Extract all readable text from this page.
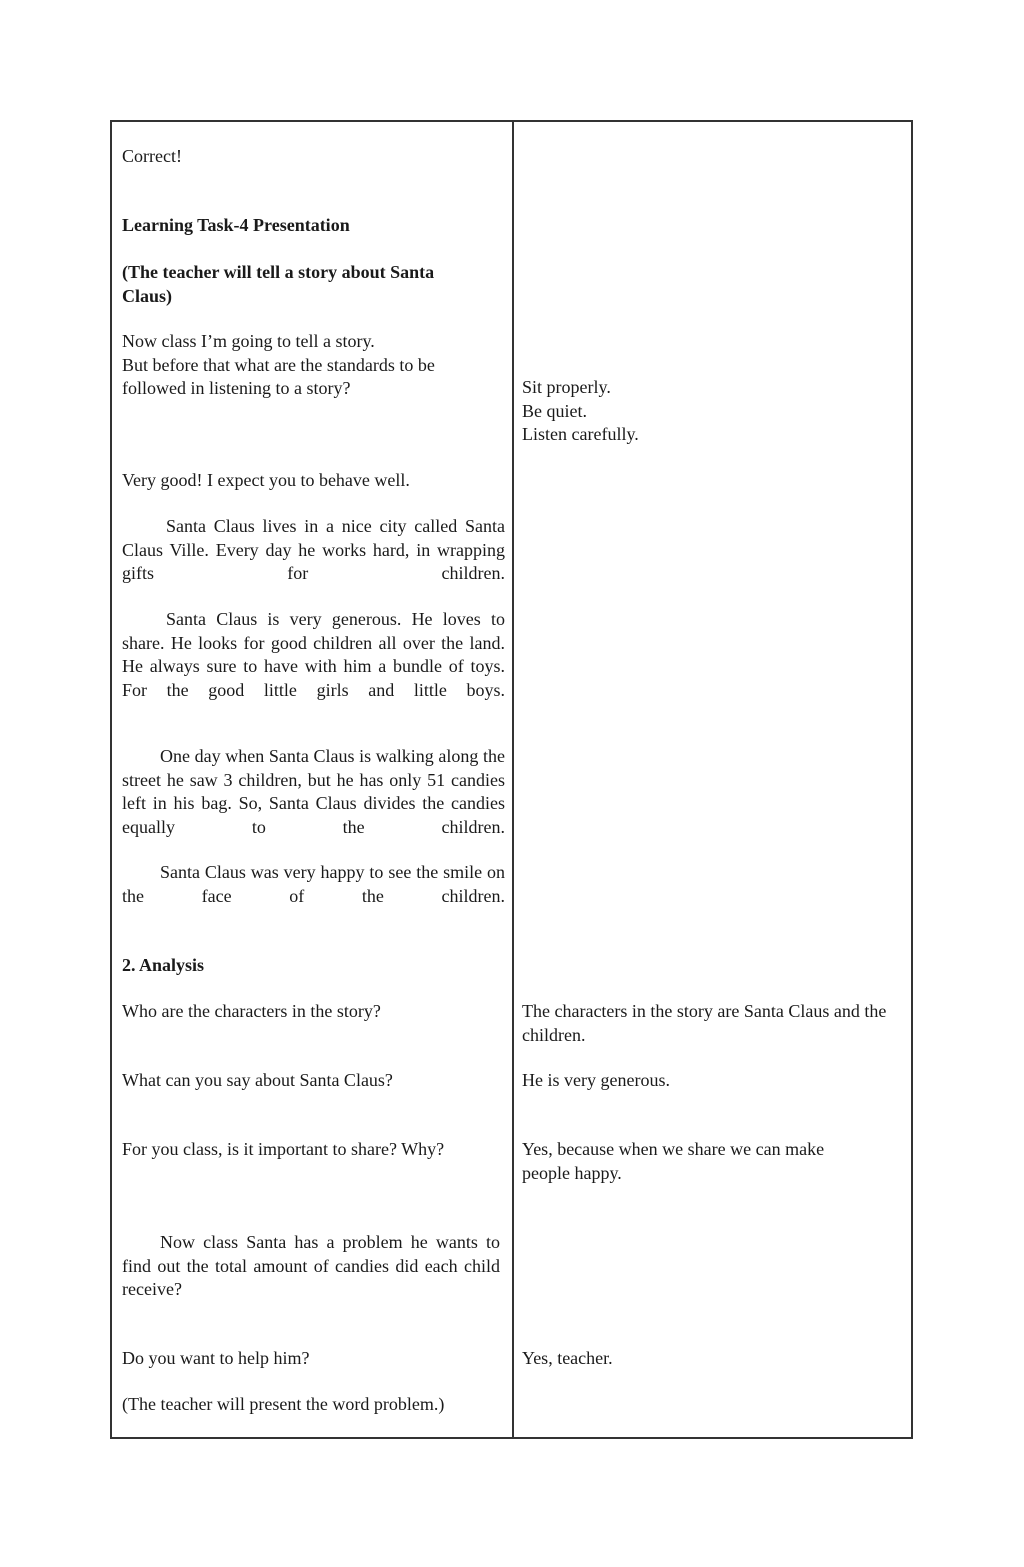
Correct!

Learning Task-4 Presentation

(The teacher will tell a story about Santa Claus)

Now class I’m going to tell a story.
But before that what are the standards to be followed in listening to a story?

Very good! I expect you to behave well.

Santa Claus lives in a nice city called Santa Claus Ville. Every day he works hard, in wrapping gifts for children.

Santa Claus is very generous. He loves to share. He looks for good children all over the land. He always sure to have with him a bundle of toys. For the good little girls and little boys.

One day when Santa Claus is walking along the street he saw 3 children, but he has only 51 candies left in his bag. So, Santa Claus divides the candies equally to the children.

Santa Claus was very happy to see the smile on the face of the children.

2. Analysis

Who are the characters in the story?

What can you say about Santa Claus?

For you class, is it important to share? Why?

Now class Santa has a problem he wants to find out the total amount of candies did each child receive?

Do you want to help him?

(The teacher will present the word problem.)

Sit properly.
Be quiet.
Listen carefully.

The characters in the story are Santa Claus and the children.

He is very generous.

Yes, because when we share we can make people happy.

Yes, teacher.
